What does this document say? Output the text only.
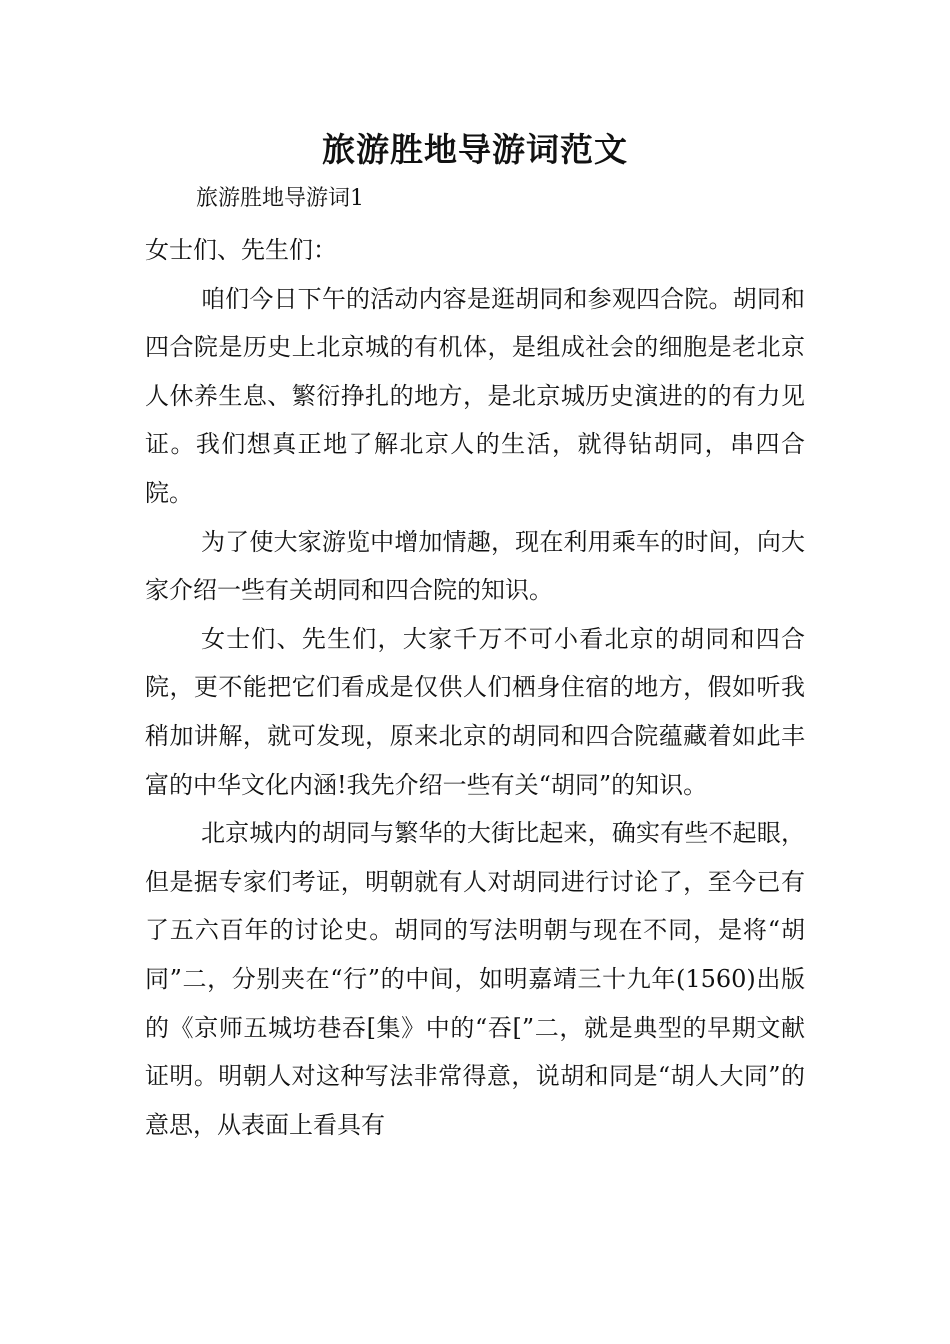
旅游胜地导游词范文

旅游胜地导游词1

女士们、先生们：

咱们今日下午的活动内容是逛胡同和参观四合院。胡同和四合院是历史上北京城的有机体，是组成社会的细胞是老北京人休养生息、繁衍挣扎的地方，是北京城历史演进的的有力见证。我们想真正地了解北京人的生活，就得钻胡同，串四合院。

为了使大家游览中增加情趣，现在利用乘车的时间，向大家介绍一些有关胡同和四合院的知识。

女士们、先生们，大家千万不可小看北京的胡同和四合院，更不能把它们看成是仅供人们栖身住宿的地方，假如听我稍加讲解，就可发现，原来北京的胡同和四合院蕴藏着如此丰富的中华文化内涵!我先介绍一些有关“胡同”的知识。

北京城内的胡同与繁华的大街比起来，确实有些不起眼，但是据专家们考证，明朝就有人对胡同进行讨论了，至今已有了五六百年的讨论史。胡同的写法明朝与现在不同，是将“胡同”二，分别夹在“行”的中间，如明嘉靖三十九年(1560)出版的《京师五城坊巷吞[集》中的“吞[”二，就是典型的早期文献证明。明朝人对这种写法非常得意，说胡和同是“胡人大同”的意思，从表面上看具有
